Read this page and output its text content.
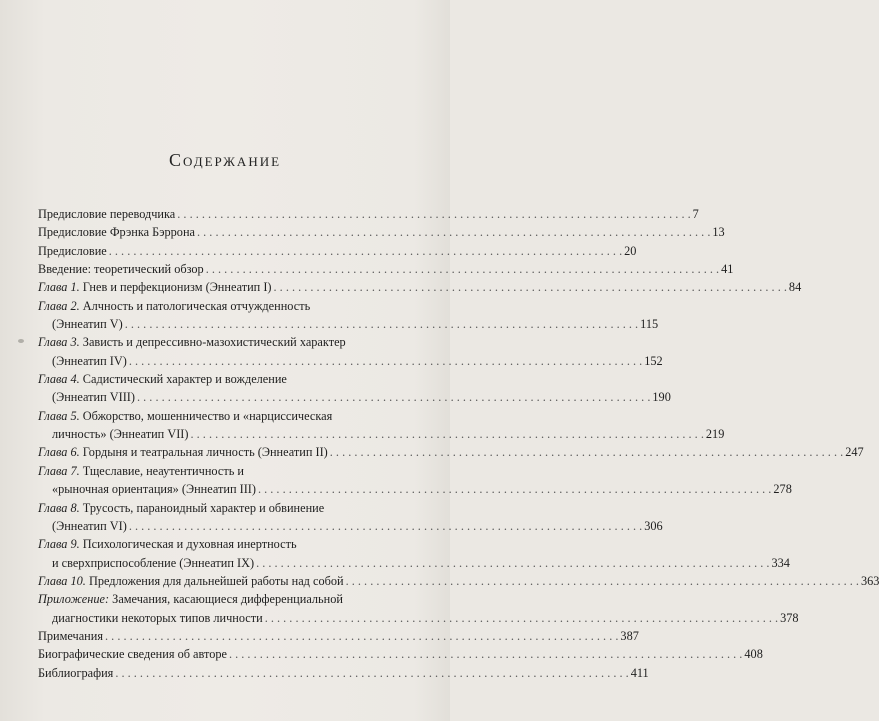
Содержание
Предисловие переводчика . . .	7
Предисловие Фрэнка Бэррона . . .	13
Предисловие . . .	20
Введение: теоретический обзор . . .	41
Глава 1. Гнев и перфекционизм (Эннеатип I) . . .	84
Глава 2. Алчность и патологическая отчужденность
(Эннеатип V) . . .	115
Глава 3. Зависть и депрессивно-мазохистический характер
(Эннеатип IV) . . .	152
Глава 4. Садистический характер и вожделение
(Эннеатип VIII) . . .	190
Глава 5. Обжорство, мошенничество и «нарциссическая
личность» (Эннеатип VII) . . .	219
Глава 6. Гордыня и театральная личность (Эннеатип II) . . .	247
Глава 7. Тщеславие, неаутентичность и
«рыночная ориентация» (Эннеатип III) . . .	278
Глава 8. Трусость, параноидный характер и обвинение
(Эннеатип VI) . . .	306
Глава 9. Психологическая и духовная инертность
и сверхприспособление (Эннеатип IX) . . .	334
Глава 10. Предложения для дальнейшей работы над собой . . .	363
Приложение: Замечания, касающиеся дифференциальной
диагностики некоторых типов личности . . .	378
Примечания . . .	387
Биографические сведения об авторе . . .	408
Библиография . . .	411
